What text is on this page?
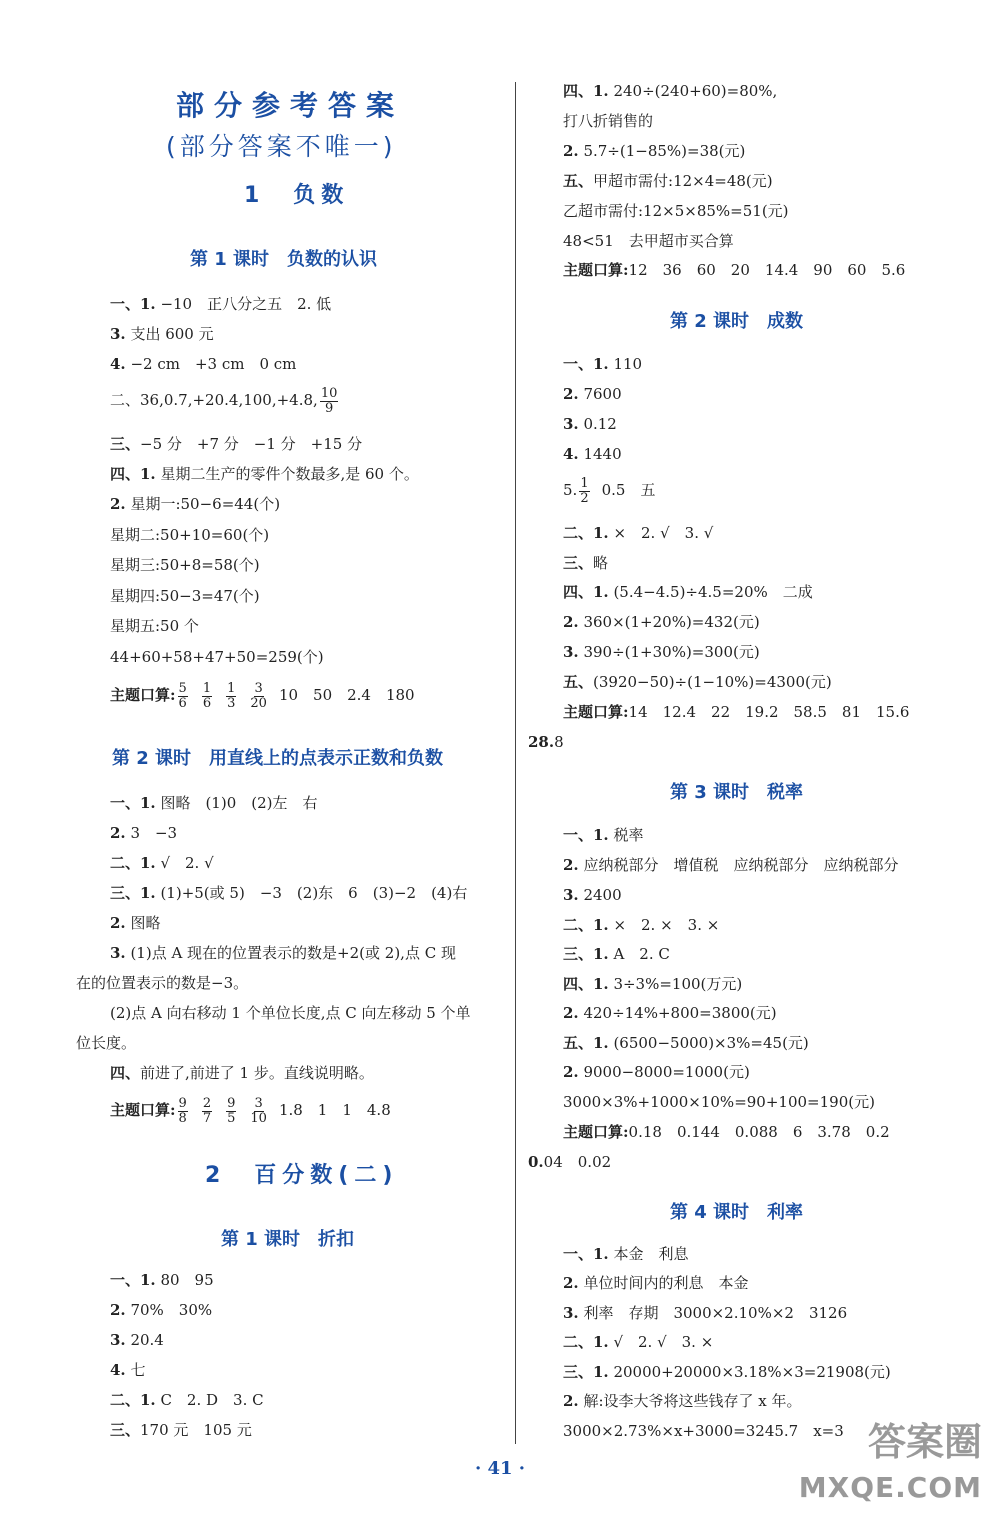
部分参考答案
(部分答案不唯一)
1　负数
第 1 课时　负数的认识
一、1. −10　正八分之五　2. 低
3. 支出 600 元
4. −2 cm　+3 cm　0 cm
二、36,0.7,+20.4,100,+4.8, $\frac{10}{9}$
三、−5 分　+7 分　−1 分　+15 分
四、1. 星期二生产的零件个数最多,是 60 个。
2. 星期一:50−6=44(个)
星期二:50+10=60(个)
星期三:50+8=58(个)
星期四:50−3=47(个)
星期五:50 个
44+60+58+47+50=259(个)
主题口算: $\frac{5}{6} \frac{1}{6} \frac{1}{3} \frac{3}{20} 10$　50　2.4　180
第 2 课时　用直线上的点表示正数和负数
一、1. 图略　(1)0　(2)左　右
2. 3　−3
二、1. √　2. √
三、1. (1)+5(或 5)　−3　(2)东　6　(3)−2　(4)右
2. 图略
3. (1)点 A 现在的位置表示的数是+2(或 2),点 C 现
在的位置表示的数是−3。
(2)点 A 向右移动 1 个单位长度,点 C 向左移动 5 个单
位长度。
四、前进了,前进了 1 步。直线说明略。
主题口算: $\frac{9}{8} \frac{2}{7} \frac{9}{5} \frac{3}{10} 1.8$　1　1　4.8
2　百分数(二)
第 1 课时　折扣
一、1. 80　95
2. 70%　30%
3. 20.4
4. 七
二、1. C　2. D　3. C
三、170 元　105 元
四、1. 240÷(240+60)=80%,
打八折销售的
2. 5.7÷(1−85%)=38(元)
五、甲超市需付:12×4=48(元)
乙超市需付:12×5×85%=51(元)
48<51　去甲超市买合算
主题口算:12　36　60　20　14.4　90　60　5.6
第 2 课时　成数
一、1. 110
2. 7600
3. 0.12
4. 1440
5. $\frac{1}{2} 0.5$　五
二、1. ×　2. √　3. √
三、略
四、1. (5.4−4.5)÷4.5=20%　二成
2. 360×(1+20%)=432(元)
3. 390÷(1+30%)=300(元)
五、(3920−50)÷(1−10%)=4300(元)
主题口算:14　12.4　22　19.2　58.5　81　15.6
28.8
第 3 课时　税率
一、1. 税率
2. 应纳税部分　增值税　应纳税部分　应纳税部分
3. 2400
二、1. ×　2. ×　3. ×
三、1. A　2. C
四、1. 3÷3%=100(万元)
2. 420÷14%+800=3800(元)
五、1. (6500−5000)×3%=45(元)
2. 9000−8000=1000(元)
3000×3%+1000×10%=90+100=190(元)
主题口算:0.18　0.144　0.088　6　3.78　0.2
0.04　0.02
第 4 课时　利率
一、1. 本金　利息
2. 单位时间内的利息　本金
3. 利率　存期　3000×2.10%×2　3126
二、1. √　2. √　3. ×
三、1. 20000+20000×3.18%×3=21908(元)
2. 解:设李大爷将这些钱存了 x 年。
3000×2.73%×x+3000=3245.7　x=3
· 41 ·
答案圈
MXQE.COM
